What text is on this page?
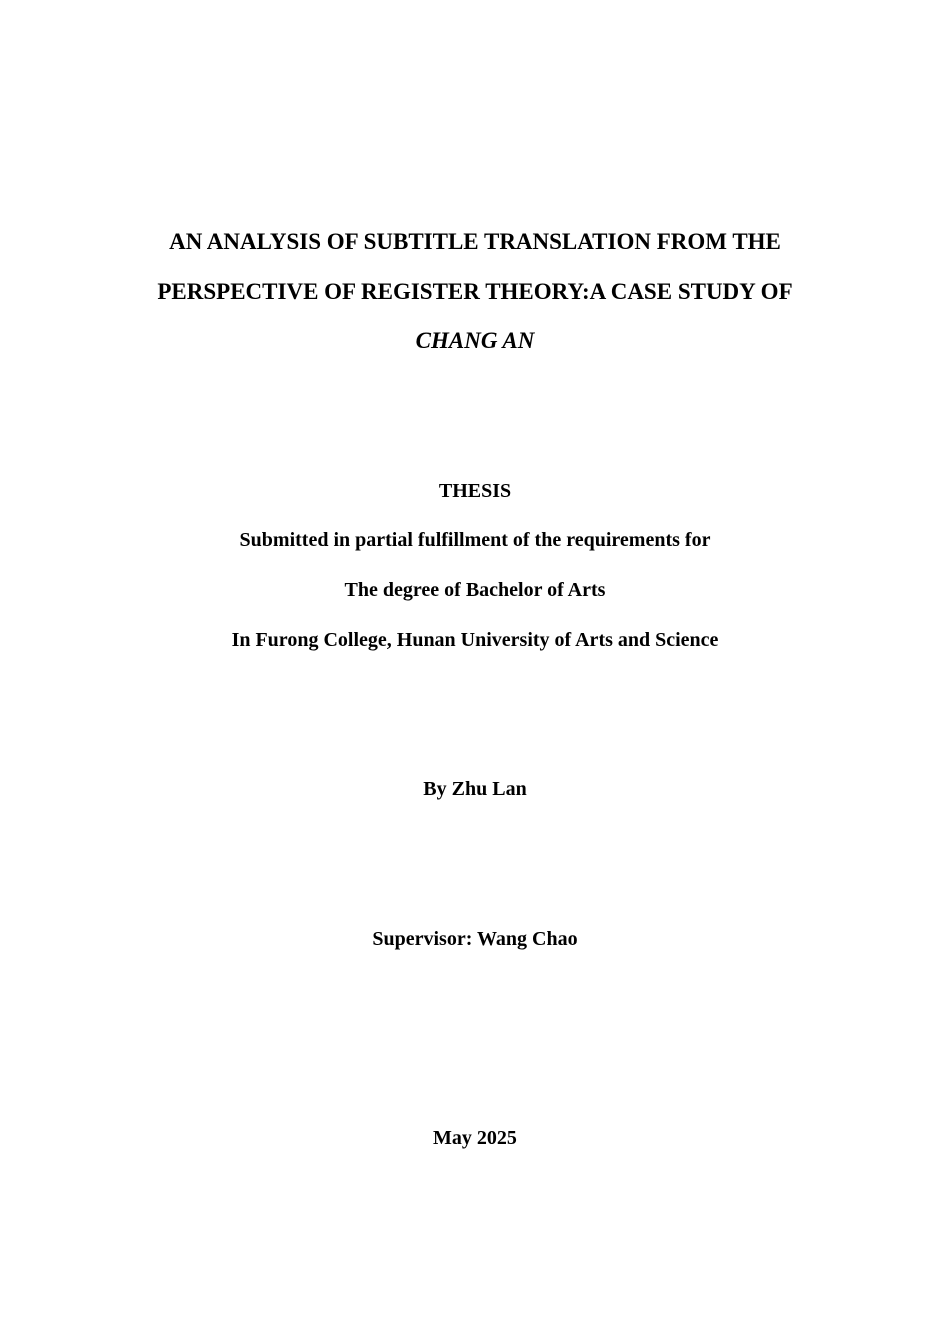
AN ANALYSIS OF SUBTITLE TRANSLATION FROM THE
PERSPECTIVE OF REGISTER THEORY:A CASE STUDY OF
CHANG AN
THESIS
Submitted in partial fulfillment of the requirements for
The degree of Bachelor of Arts
In Furong College, Hunan University of Arts and Science
By Zhu Lan
Supervisor: Wang Chao
May 2025
